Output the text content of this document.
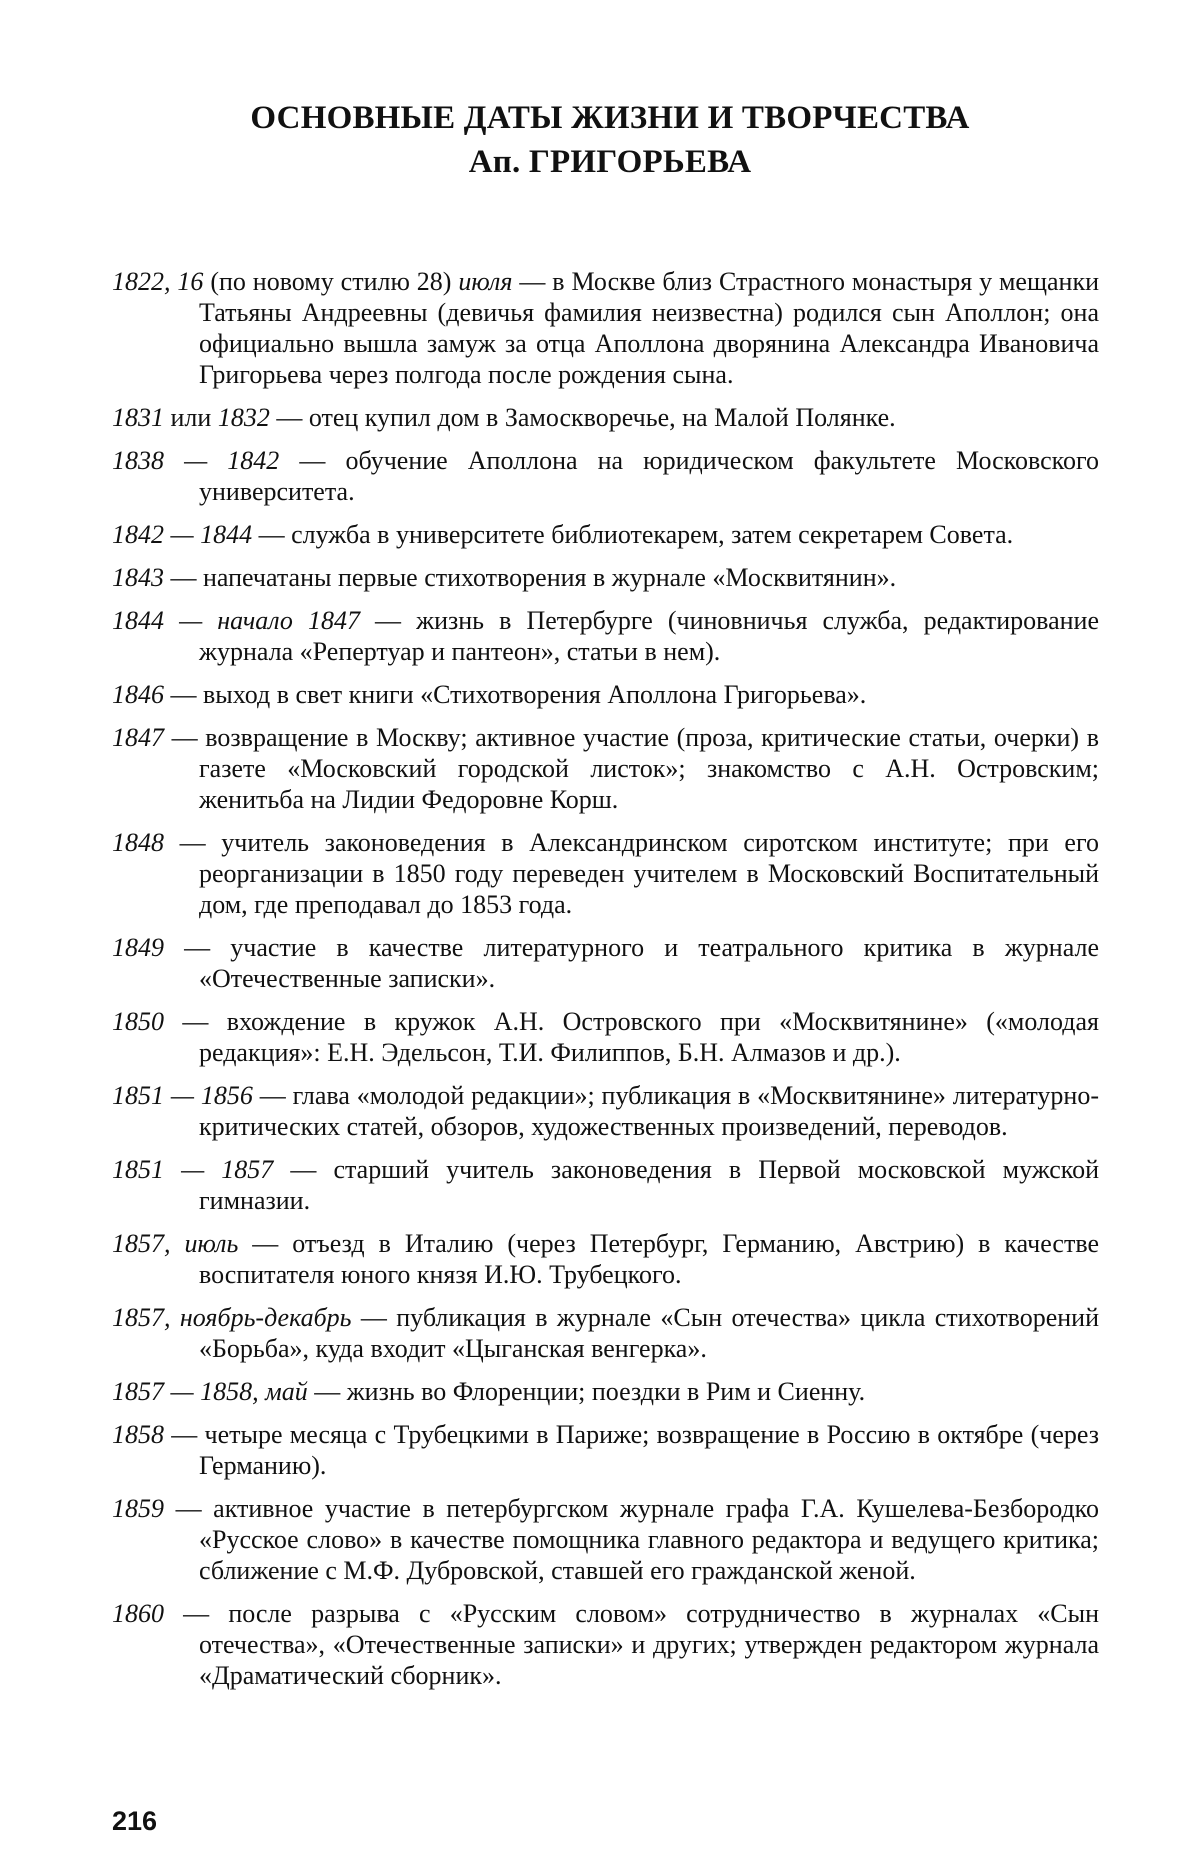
ОСНОВНЫЕ ДАТЫ ЖИЗНИ И ТВОРЧЕСТВА
Ап. ГРИГОРЬЕВА

1822, 16 (по новому стилю 28) июля — в Москве близ Страстного монастыря у мещанки Татьяны Андреевны (девичья фамилия неизвестна) родился сын Аполлон; она официально вышла замуж за отца Аполлона дворянина Александра Ивановича Григорьева через полгода после рождения сына.

1831 или 1832 — отец купил дом в Замоскворечье, на Малой Полянке.

1838 — 1842 — обучение Аполлона на юридическом факультете Московского университета.

1842 — 1844 — служба в университете библиотекарем, затем секретарем Совета.

1843 — напечатаны первые стихотворения в журнале «Москвитянин».

1844 — начало 1847 — жизнь в Петербурге (чиновничья служба, редактирование журнала «Репертуар и пантеон», статьи в нем).

1846 — выход в свет книги «Стихотворения Аполлона Григорьева».

1847 — возвращение в Москву; активное участие (проза, критические статьи, очерки) в газете «Московский городской листок»; знакомство с А.Н. Островским; женитьба на Лидии Федоровне Корш.

1848 — учитель законоведения в Александринском сиротском институте; при его реорганизации в 1850 году переведен учителем в Московский Воспитательный дом, где преподавал до 1853 года.

1849 — участие в качестве литературного и театрального критика в журнале «Отечественные записки».

1850 — вхождение в кружок А.Н. Островского при «Москвитянине» («молодая редакция»: Е.Н. Эдельсон, Т.И. Филиппов, Б.Н. Алмазов и др.).

1851 — 1856 — глава «молодой редакции»; публикация в «Москвитянине» литературно-критических статей, обзоров, художественных произведений, переводов.

1851 — 1857 — старший учитель законоведения в Первой московской мужской гимназии.

1857, июль — отъезд в Италию (через Петербург, Германию, Австрию) в качестве воспитателя юного князя И.Ю. Трубецкого.

1857, ноябрь-декабрь — публикация в журнале «Сын отечества» цикла стихотворений «Борьба», куда входит «Цыганская венгерка».

1857 — 1858, май — жизнь во Флоренции; поездки в Рим и Сиенну.

1858 — четыре месяца с Трубецкими в Париже; возвращение в Россию в октябре (через Германию).

1859 — активное участие в петербургском журнале графа Г.А. Кушелева-Безбородко «Русское слово» в качестве помощника главного редактора и ведущего критика; сближение с М.Ф. Дубровской, ставшей его гражданской женой.

1860 — после разрыва с «Русским словом» сотрудничество в журналах «Сын отечества», «Отечественные записки» и других; утвержден редактором журнала «Драматический сборник».

216
